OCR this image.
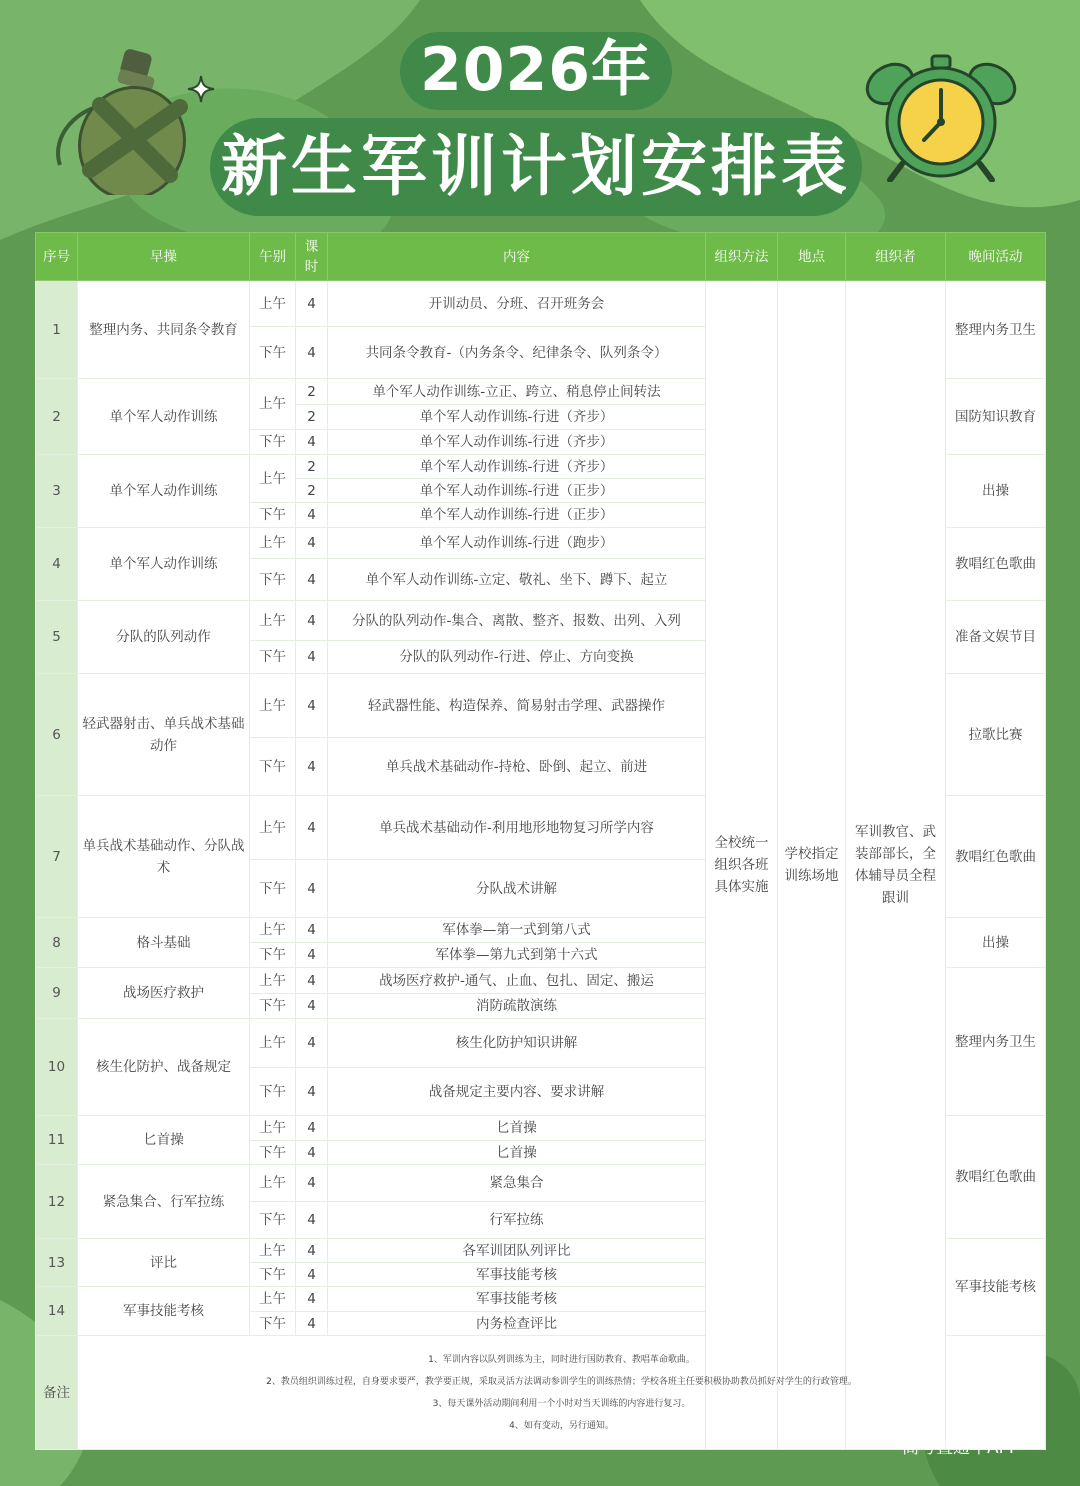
2026年
新生军训计划安排表
序号	早操	午别	课时	内容	组织方法	地点	组织者	晚间活动
1	整理内务、共同条令教育	上午	4	开训动员、分班、召开班务会	全校统一组织各班具体实施	学校指定训练场地	军训教官、武装部部长，全体辅导员全程跟训	整理内务卫生
		下午	4	共同条令教育-（内务条令、纪律条令、队列条令）				
2	单个军人动作训练	上午	2	单个军人动作训练-立正、跨立、稍息停止间转法				国防知识教育
			2	单个军人动作训练-行进（齐步）				
		下午	4	单个军人动作训练-行进（齐步）				
3	单个军人动作训练	上午	2	单个军人动作训练-行进（齐步）				出操
			2	单个军人动作训练-行进（正步）				
		下午	4	单个军人动作训练-行进（正步）				
4	单个军人动作训练	上午	4	单个军人动作训练-行进（跑步）				教唱红色歌曲
		下午	4	单个军人动作训练-立定、敬礼、坐下、蹲下、起立				
5	分队的队列动作	上午	4	分队的队列动作-集合、离散、整齐、报数、出列、入列				准备文娱节目
		下午	4	分队的队列动作-行进、停止、方向变换				
6	轻武器射击、单兵战术基础动作	上午	4	轻武器性能、构造保养、简易射击学理、武器操作				拉歌比赛
		下午	4	单兵战术基础动作-持枪、卧倒、起立、前进				
7	单兵战术基础动作、分队战术	上午	4	单兵战术基础动作-利用地形地物复习所学内容				教唱红色歌曲
		下午	4	分队战术讲解				
8	格斗基础	上午	4	军体拳—第一式到第八式				出操
		下午	4	军体拳—第九式到第十六式				
9	战场医疗救护	上午	4	战场医疗救护-通气、止血、包扎、固定、搬运				整理内务卫生
		下午	4	消防疏散演练				
10	核生化防护、战备规定	上午	4	核生化防护知识讲解				
		下午	4	战备规定主要内容、要求讲解				
11	匕首操	上午	4	匕首操				教唱红色歌曲
		下午	4	匕首操				
12	紧急集合、行军拉练	上午	4	紧急集合				
		下午	4	行军拉练				
13	评比	上午	4	各军训团队列评比				军事技能考核
		下午	4	军事技能考核				
14	军事技能考核	上午	4	军事技能考核				
		下午	4	内务检查评比				
备注	1、军训内容以队列训练为主，同时进行国防教育、教唱革命歌曲。
2、教员组织训练过程，自身要求要严，教学要正规，采取灵活方法调动参训学生的训练热情；学校各班主任要积极协助教员抓好对学生的行政管理。
3、每天课外活动期间利用一个小时对当天训练的内容进行复习。
4、如有变动，另行通知。							
高考直通车APP
